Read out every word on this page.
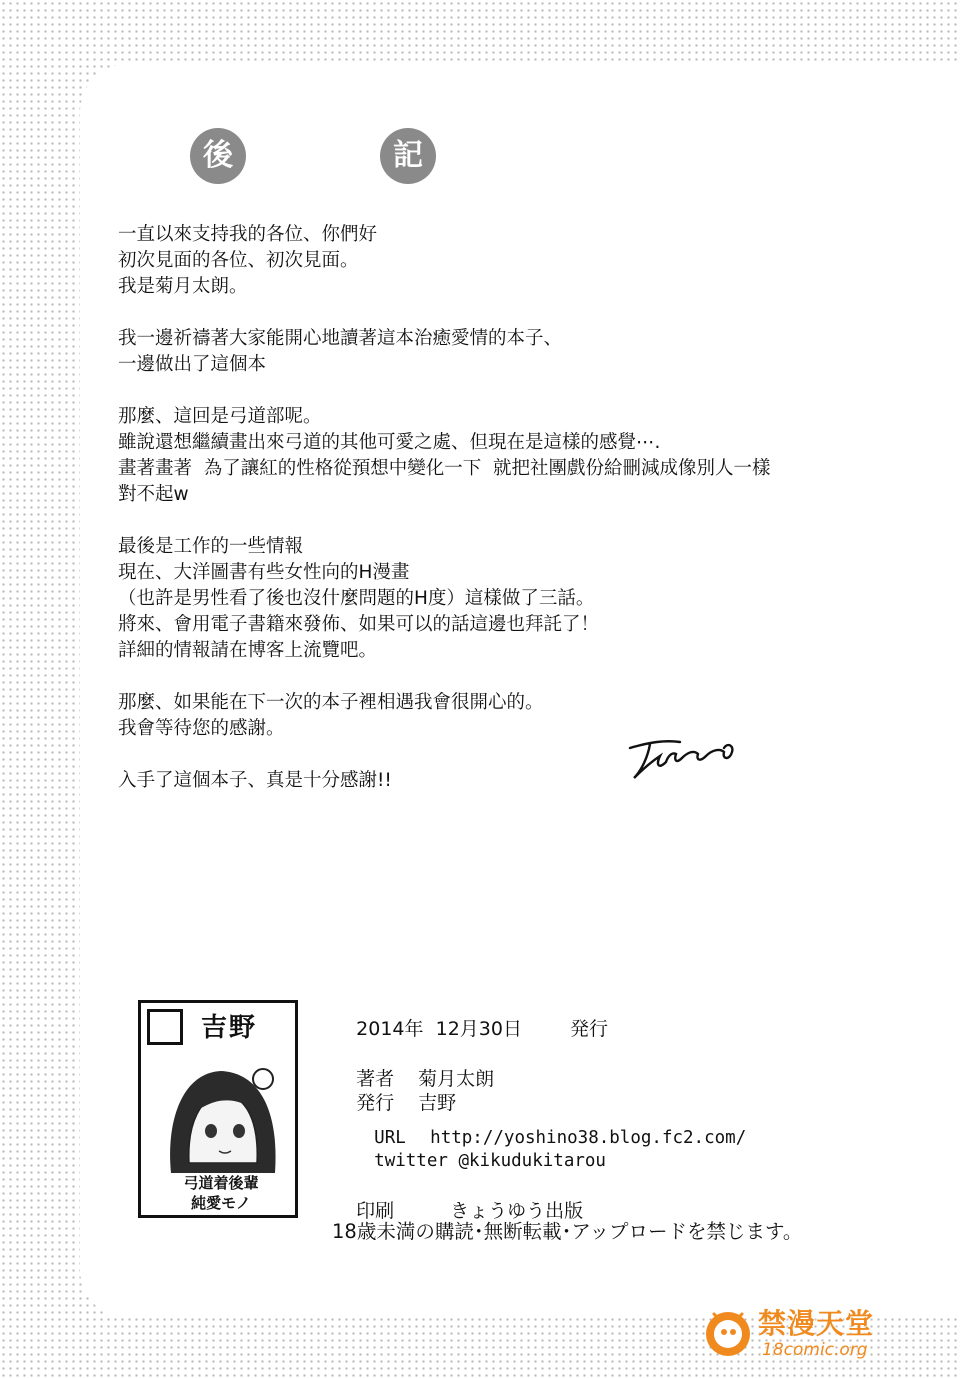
後	記
一直以來支持我的各位、你們好
初次見面的各位、初次見面。
我是菊月太朗。
我一邊祈禱著大家能開心地讀著這本治癒愛情的本子、
一邊做出了這個本
那麼、這回是弓道部呢。
雖說還想繼續畫出來弓道的其他可愛之處、但現在是這樣的感覺⋯.
畫著畫著  為了讓紅的性格從預想中變化一下  就把社團戲份給刪減成像別人一樣
對不起w
最後是工作的一些情報
現在、大洋圖書有些女性向的H漫畫
（也許是男性看了後也沒什麼問題的H度）這樣做了三話。
將來、會用電子書籍來發佈、如果可以的話這邊也拜託了！
詳細的情報請在博客上流覽吧。
那麼、如果能在下一次的本子裡相遇我會很開心的。
我會等待您的感謝。
入手了這個本子、真是十分感謝!!
吉野
弓道着後輩
純愛モノ

2014年  12月30日	発行

著者 菊月太朗

発行 吉野

URL http://yoshino38.blog.fc2.com/

twitter @kikudukitarou

印刷	きょうゆう出版

18歳未満の購読･無断転載･アップロードを禁じます。
禁漫天堂
18comic.org
